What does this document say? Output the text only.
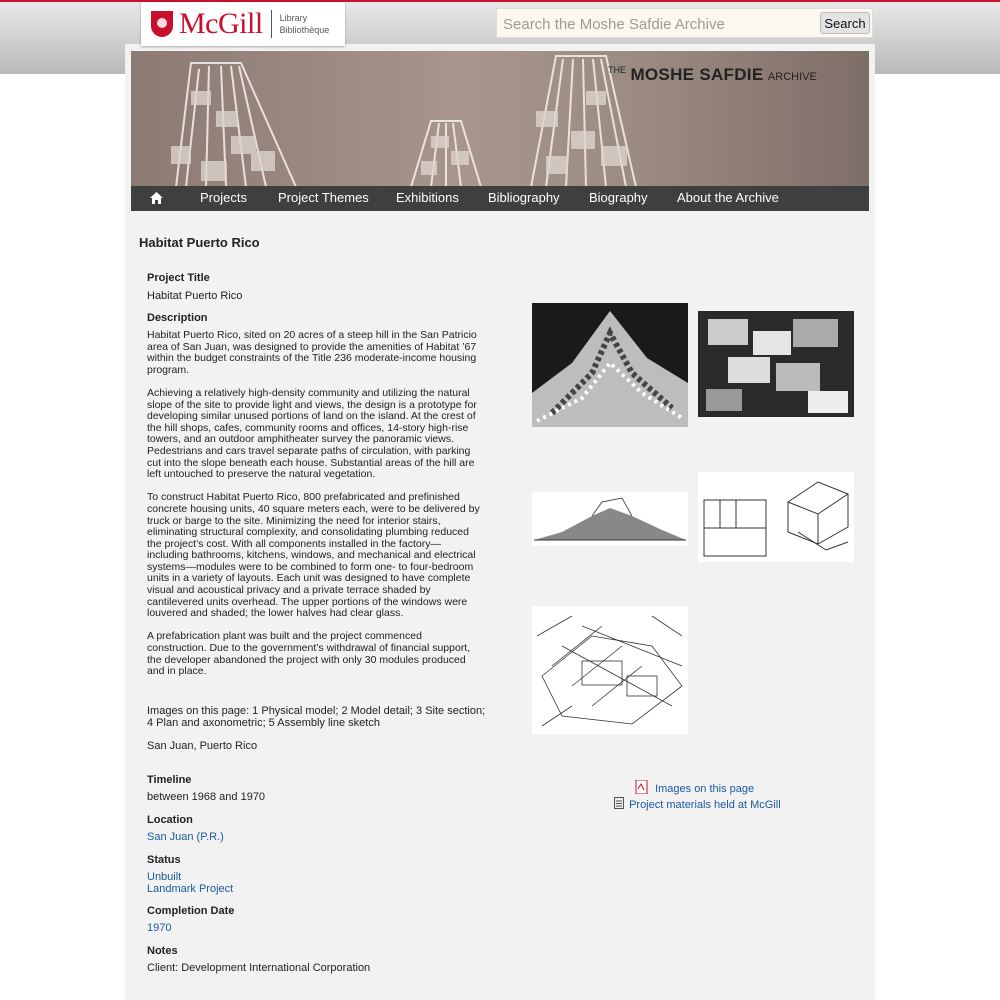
McGill Library
Bibliothèque
Search the Moshe Safdie Archive	Search
$^{THE}$ MOSHE SAFDIE ARCHIVE
Projects Project Themes Exhibitions Bibliography Biography About the Archive
Habitat Puerto Rico
Project Title
Habitat Puerto Rico
Description

Habitat Puerto Rico, sited on 20 acres of a steep hill in the San Patricio area of San Juan, was designed to provide the amenities of Habitat ’67 within the budget constraints of the Title 236 moderate-income housing program.

Achieving a relatively high-density community and utilizing the natural slope of the site to provide light and views, the design is a prototype for developing similar unused portions of land on the island. At the crest of the hill shops, cafes, community rooms and offices, 14-story high-rise towers, and an outdoor amphitheater survey the panoramic views. Pedestrians and cars travel separate paths of circulation, with parking cut into the slope beneath each house. Substantial areas of the hill are left untouched to preserve the natural vegetation.

To construct Habitat Puerto Rico, 800 prefabricated and prefinished concrete housing units, 40 square meters each, were to be delivered by truck or barge to the site. Minimizing the need for interior stairs, eliminating structural complexity, and consolidating plumbing reduced the project’s cost. With all components installed in the factory—including bathrooms, kitchens, windows, and mechanical and electrical systems—modules were to be combined to form one- to four-bedroom units in a variety of layouts. Each unit was designed to have complete visual and acoustical privacy and a private terrace shaded by cantilevered units overhead. The upper portions of the windows were louvered and shaded; the lower halves had clear glass.

A prefabrication plant was built and the project commenced construction. Due to the government’s withdrawal of financial support, the developer abandoned the project with only 30 modules produced and in place.

Images on this page: 1 Physical model; 2 Model detail; 3 Site section; 4 Plan and axonometric; 5 Assembly line sketch
San Juan, Puerto Rico
Timeline
between 1968 and 1970
Location
San Juan (P.R.)
Status
Unbuilt
Landmark Project
Completion Date
1970
Notes
Client: Development International Corporation
Images on this page
Project materials held at McGill
